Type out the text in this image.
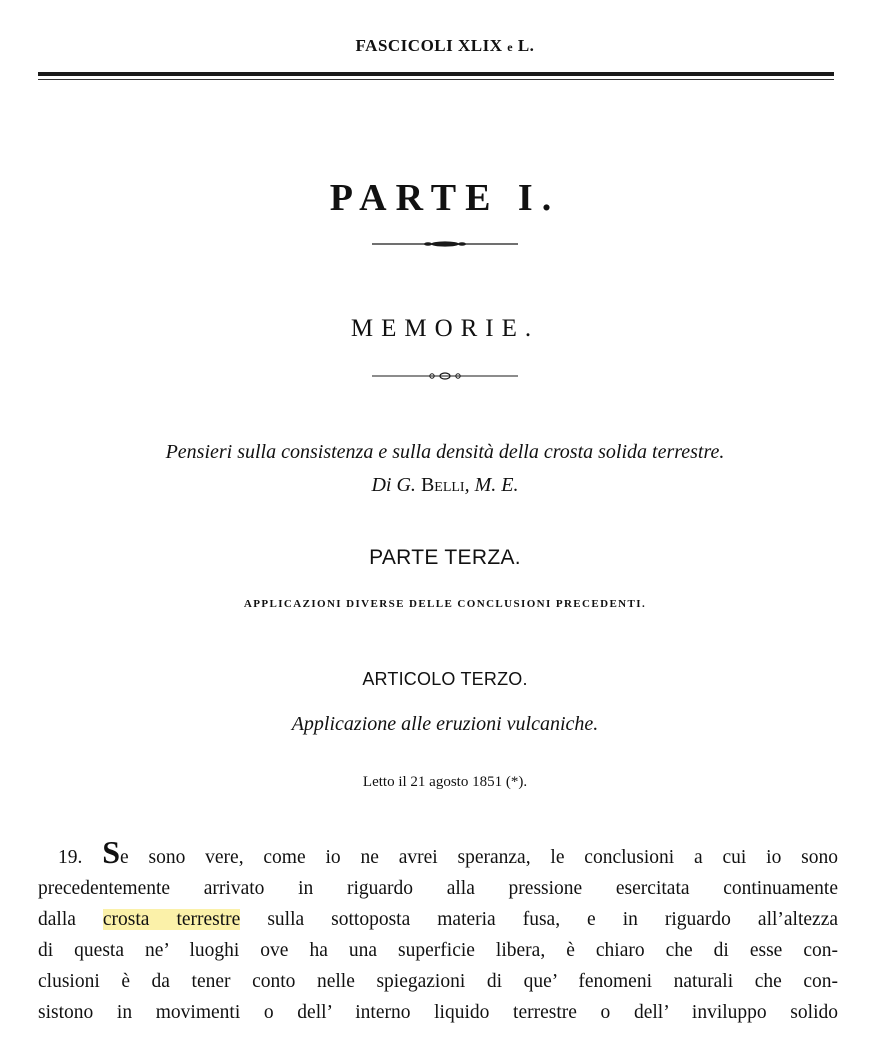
FASCICOLI XLIX e L.
PARTE I.
MEMORIE.
Pensieri sulla consistenza e sulla densità della crosta solida terrestre.
Di G. Belli, M. E.
PARTE TERZA.
APPLICAZIONI DIVERSE DELLE CONCLUSIONI PRECEDENTI.
ARTICOLO TERZO.
Applicazione alle eruzioni vulcaniche.
Letto il 21 agosto 1851 (*).
19. Se sono vere, come io ne avrei speranza, le conclusioni a cui io sono
precedentemente arrivato in riguardo alla pressione esercitata continuamente
dalla crosta terrestre sulla sottoposta materia fusa, e in riguardo all’altezza
di questa ne’ luoghi ove ha una superficie libera, è chiaro che di esse con-
clusioni è da tener conto nelle spiegazioni di que’ fenomeni naturali che con-
sistono in movimenti o dell’ interno liquido terrestre o dell’ inviluppo solido
